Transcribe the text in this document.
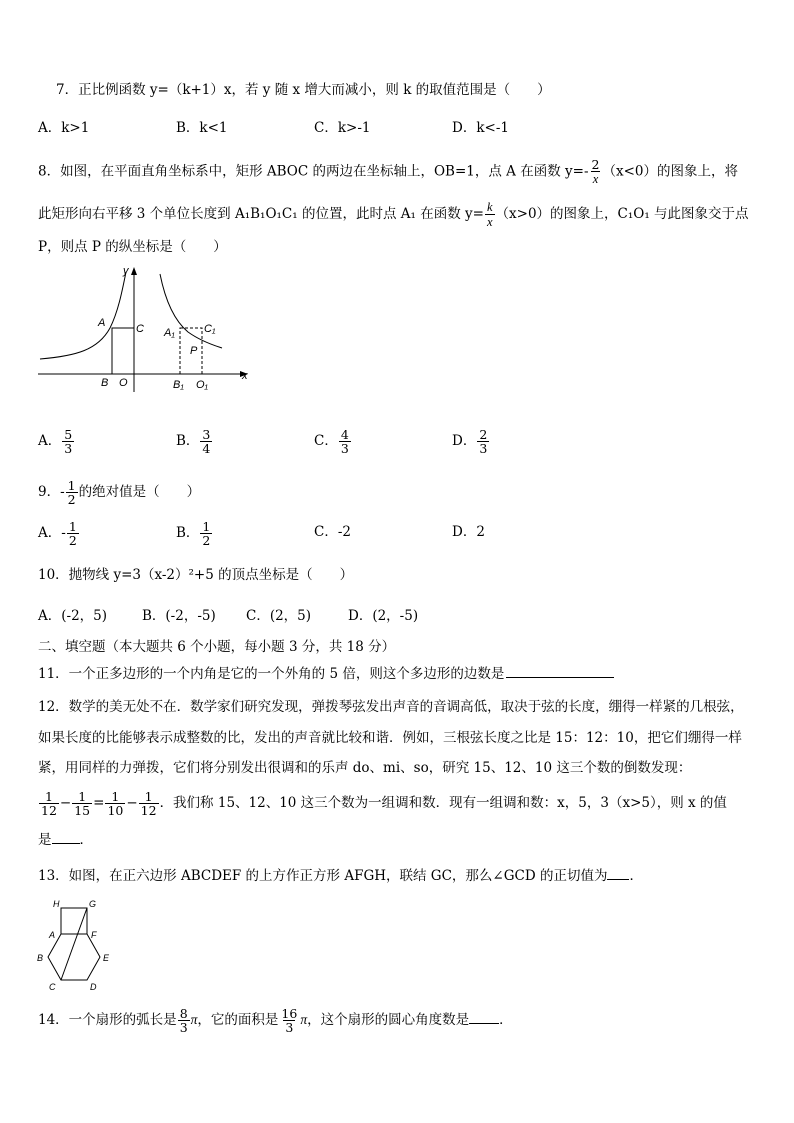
7．正比例函数 y=（k+1）x，若 y 随 x 增大而减小，则 k 的取值范围是（　　）
A．k>1	B．k<1	C．k>-1	D．k<-1
8．如图，在平面直角坐标系中，矩形 ABOC 的两边在坐标轴上，OB=1，点 A 在函数 $y=- \frac{2}{x} (x<0)$的图象上，将
此矩形向右平移 3 个单位长度到 A₁B₁O₁C₁ 的位置，此时点 A₁ 在函数 $y= \frac{k}{x} (x>0)$的图象上，C₁O₁ 与此图象交于点
P，则点 P 的纵坐标是（　　）
y
x
A	C
B O
A₁	C₁
P
B₁ O₁
A． $\frac{5}{3}$	B． $\frac{3}{4}$	C． $\frac{4}{3}$	D． $\frac{2}{3}$
9．- $\frac{1}{2}$ 的绝对值是（　　）
A．- $\frac{1}{2}$	B． $\frac{1}{2}$	C．-2	D．2
10．抛物线 y=3（x-2）²+5 的顶点坐标是（　　）
A．(-2，5)	B．(-2，-5) C．(2，5)	D．(2，-5)
二、填空题（本大题共 6 个小题，每小题 3 分，共 18 分）
11．一个正多边形的一个内角是它的一个外角的 5 倍，则这个多边形的边数是
12．数学的美无处不在．数学家们研究发现，弹拨琴弦发出声音的音调高低，取决于弦的长度，绷得一样紧的几根弦，
如果长度的比能够表示成整数的比，发出的声音就比较和谐．例如，三根弦长度之比是 15：12：10，把它们绷得一样
紧，用同样的力弹拨，它们将分别发出很调和的乐声 do、mi、so，研究 15、12、10 这三个数的倒数发现：
$\frac{1}{12} - \frac{1}{15} = \frac{1}{10} - \frac{1}{12}$ ．我们称 15、12、10 这三个数为一组调和数．现有一组调和数：x，5，3（x>5），则 x 的值
是 ．
13．如图，在正六边形 ABCDEF 的上方作正方形 AFGH，联结 GC，那么∠GCD 的正切值为 ．
H	G
A	F
B	E
C	D
14．一个扇形的弧长是 $\frac{8}{3}$ π，它的面积是 $\frac{16}{3}$ π，这个扇形的圆心角度数是 ．
